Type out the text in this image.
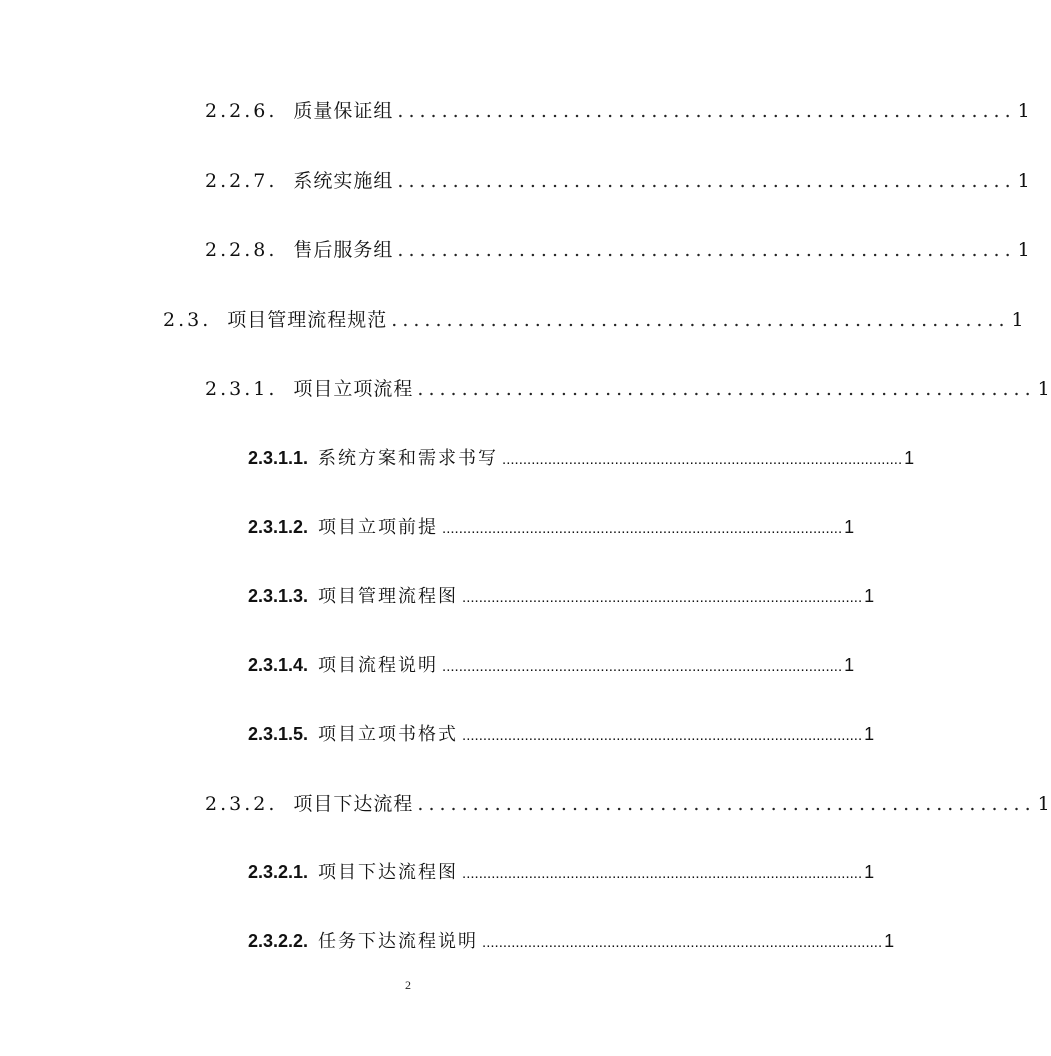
2.2.6. 质量保证组 ........................................................ 1
2.2.7. 系统实施组 ........................................................ 1
2.2.8. 售后服务组 ........................................................ 1
2.3. 项目管理流程规范 ........................................................ 1
2.3.1. 项目立项流程 ........................................................ 1
2.3.1.1. 系统方案和需求书写 ................................................................................................ 1
2.3.1.2. 项目立项前提 ................................................................................................ 1
2.3.1.3. 项目管理流程图 ................................................................................................ 1
2.3.1.4. 项目流程说明 ................................................................................................ 1
2.3.1.5. 项目立项书格式 ................................................................................................ 1
2.3.2. 项目下达流程 ........................................................ 1
2.3.2.1. 项目下达流程图 ................................................................................................ 1
2.3.2.2. 任务下达流程说明 ................................................................................................ 1
2
